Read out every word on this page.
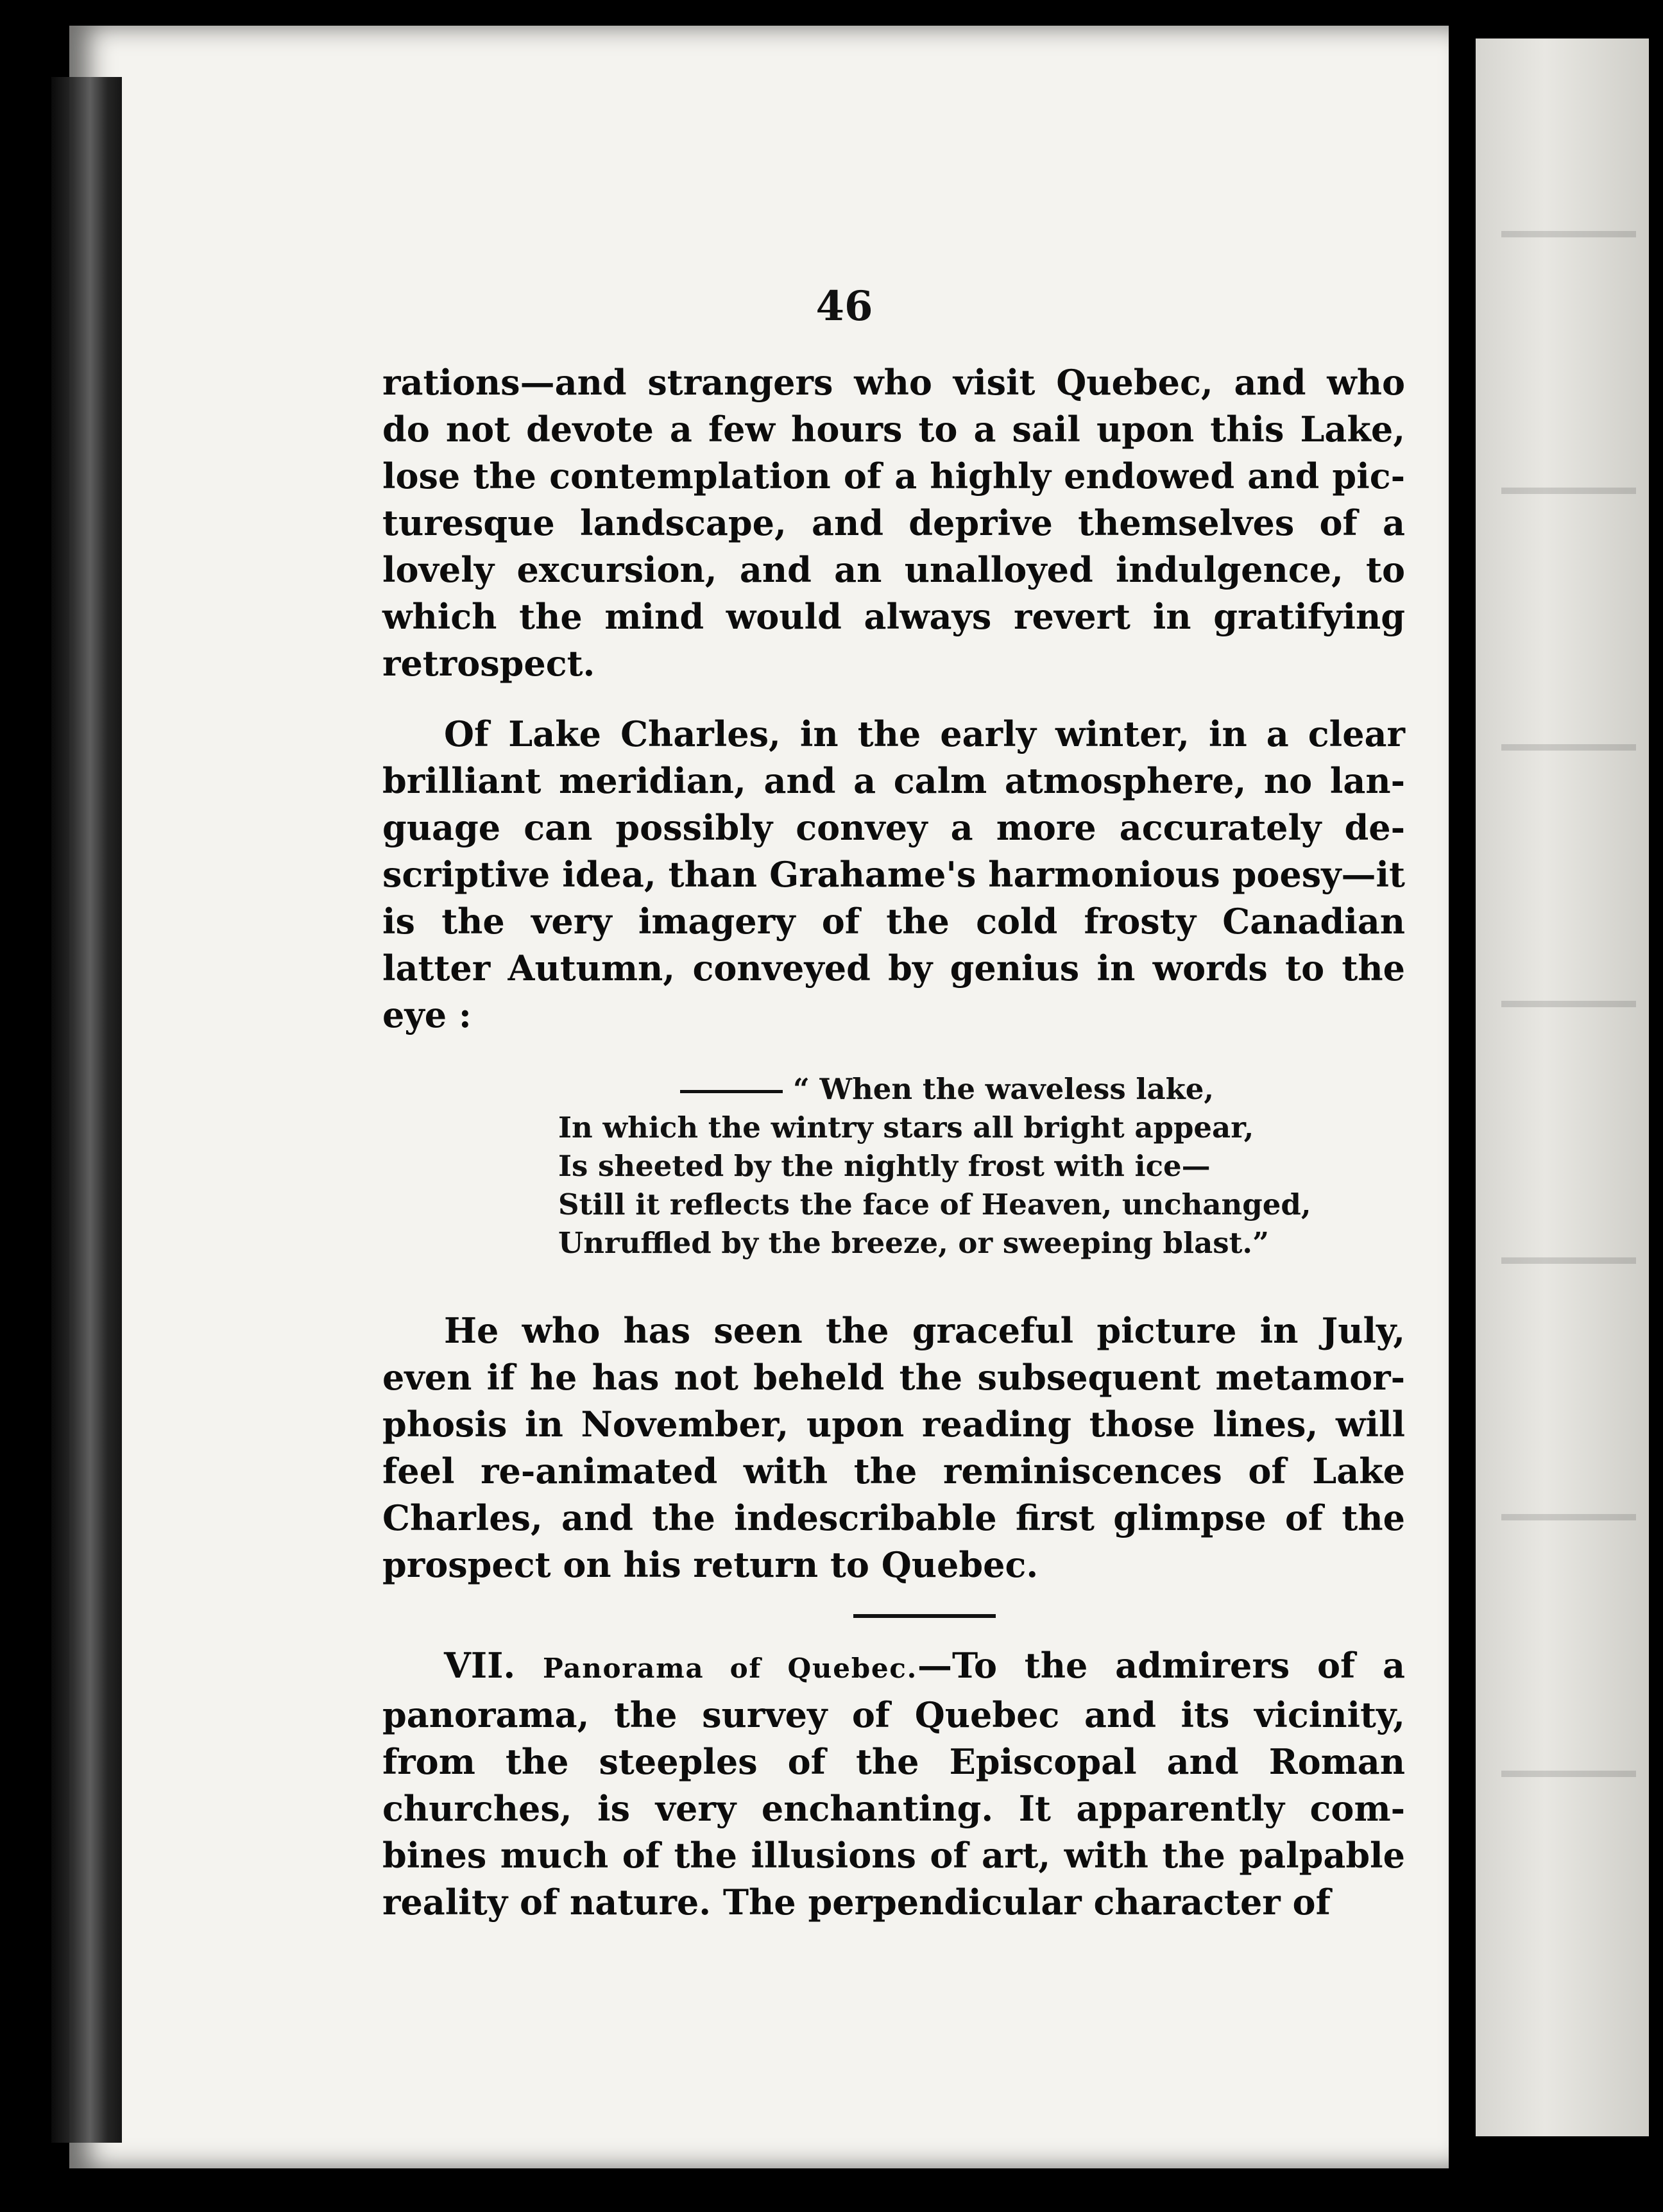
46

rations—and strangers who visit Quebec, and who do not devote a few hours to a sail upon this Lake, lose the contemplation of a highly endowed and pic-turesque landscape, and deprive themselves of a lovely excursion, and an unalloyed indulgence, to which the mind would always revert in gratifying retrospect.

Of Lake Charles, in the early winter, in a clear brilliant meridian, and a calm atmosphere, no lan-guage can possibly convey a more accurately de-scriptive idea, than Grahame's harmonious poesy—it is the very imagery of the cold frosty Canadian latter Autumn, conveyed by genius in words to the eye :

“ When the waveless lake,
In which the wintry stars all bright appear,
Is sheeted by the nightly frost with ice—
Still it reflects the face of Heaven, unchanged,
Unruffled by the breeze, or sweeping blast.”

He who has seen the graceful picture in July, even if he has not beheld the subsequent metamor-phosis in November, upon reading those lines, will feel re-animated with the reminiscences of Lake Charles, and the indescribable first glimpse of the prospect on his return to Quebec.

VII. Panorama of Quebec.—To the admirers of a panorama, the survey of Quebec and its vicinity, from the steeples of the Episcopal and Roman churches, is very enchanting. It apparently com-bines much of the illusions of art, with the palpable reality of nature. The perpendicular character of
